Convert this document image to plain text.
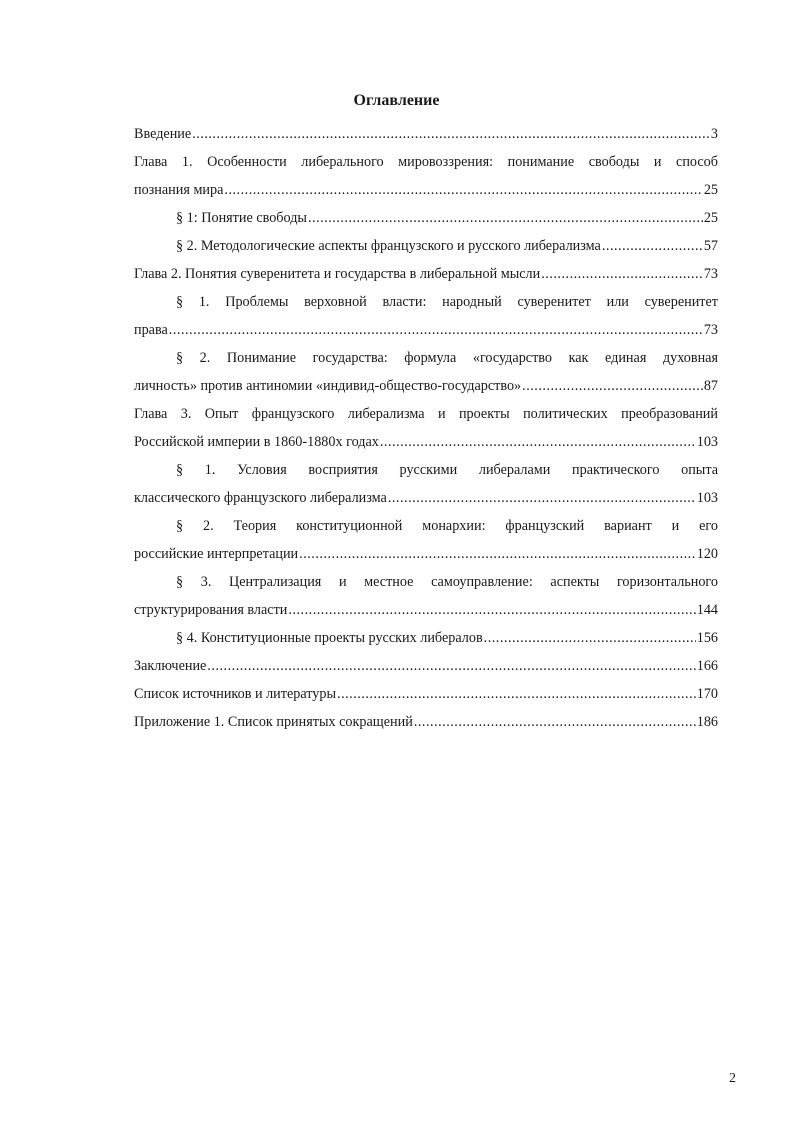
Оглавление
Введение .....	3
Глава 1. Особенности либерального мировоззрения: понимание свободы и способ
познания мира .....	25
§ 1: Понятие свободы .....	25
§ 2. Методологические аспекты французского и русского либерализма .....	57
Глава 2. Понятия суверенитета и государства в либеральной мысли .....	73
§ 1. Проблемы верховной власти: народный суверенитет или суверенитет
права .....	73
§ 2. Понимание государства: формула «государство как единая духовная
личность» против антиномии «индивид-общество-государство» .....	87
Глава 3. Опыт французского либерализма и проекты политических преобразований
Российской империи в 1860-1880х годах .....	103
§ 1. Условия восприятия русскими либералами практического опыта
классического французского либерализма .....	103
§ 2. Теория конституционной монархии: французский вариант и его
российские интерпретации .....	120
§ 3. Централизация и местное самоуправление: аспекты горизонтального
структурирования власти .....	144
§ 4. Конституционные проекты русских либералов .....	156
Заключение .....	166
Список источников и литературы .....	170
Приложение 1. Список принятых сокращений .....	186
2
